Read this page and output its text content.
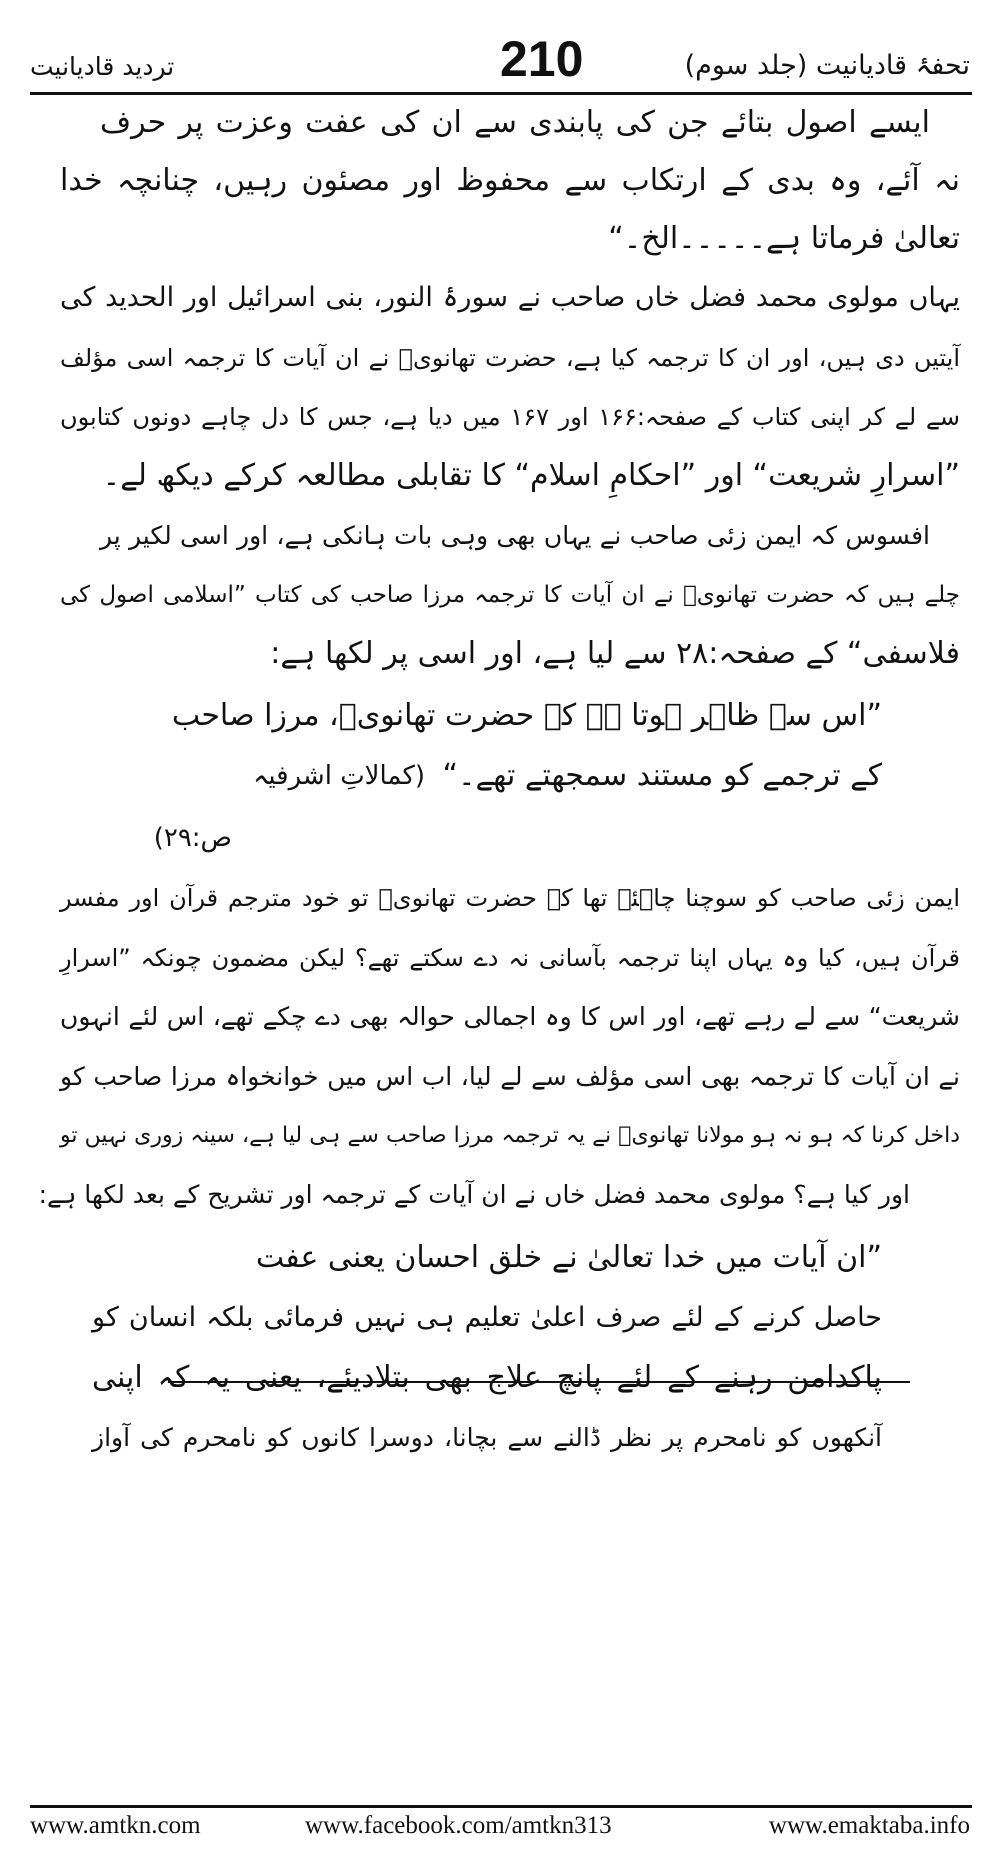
تحفۂ قادیانیت (جلد سوم)
210
تردید قادیانیت
ایسے اصول بتائے جن کی پابندی سے ان کی عفت وعزت پر حرف
نہ آئے، وہ بدی کے ارتکاب سے محفوظ اور مصئون رہیں، چنانچہ خدا
تعالیٰ فرماتا ہے۔۔۔۔۔الخ۔“
یہاں مولوی محمد فضل خاں صاحب نے سورۂ النور، بنی اسرائیل اور الحدید کی
آیتیں دی ہیں، اور ان کا ترجمہ کیا ہے، حضرت تھانویؒ نے ان آیات کا ترجمہ اسی مؤلف
سے لے کر اپنی کتاب کے صفحہ:۱۶۶ اور ۱۶۷ میں دیا ہے، جس کا دل چاہے دونوں کتابوں
”اسرارِ شریعت“ اور ”احکامِ اسلام“ کا تقابلی مطالعہ کرکے دیکھ لے۔
افسوس کہ ایمن زئی صاحب نے یہاں بھی وہی بات ہانکی ہے، اور اسی لکیر پر
چلے ہیں کہ حضرت تھانویؒ نے ان آیات کا ترجمہ مرزا صاحب کی کتاب ”اسلامی اصول کی
فلاسفی“ کے صفحہ:۲۸ سے لیا ہے، اور اسی پر لکھا ہے:
”اس سے ظاہر ہوتا ہے کہ حضرت تھانویؒ، مرزا صاحب
کے ترجمے کو مستند سمجھتے تھے۔“
(کمالاتِ اشرفیہ
ص:۲۹)
ایمن زئی صاحب کو سوچنا چاہئے تھا کہ حضرت تھانویؒ تو خود مترجم قرآن اور مفسر
قرآن ہیں، کیا وہ یہاں اپنا ترجمہ بآسانی نہ دے سکتے تھے؟ لیکن مضمون چونکہ ”اسرارِ
شریعت“ سے لے رہے تھے، اور اس کا وہ اجمالی حوالہ بھی دے چکے تھے، اس لئے انہوں
نے ان آیات کا ترجمہ بھی اسی مؤلف سے لے لیا، اب اس میں خوانخواہ مرزا صاحب کو
داخل کرنا کہ ہو نہ ہو مولانا تھانویؒ نے یہ ترجمہ مرزا صاحب سے ہی لیا ہے، سینہ زوری نہیں تو
اور کیا ہے؟ مولوی محمد فضل خاں نے ان آیات کے ترجمہ اور تشریح کے بعد لکھا ہے:
”ان آیات میں خدا تعالیٰ نے خلق احسان یعنی عفت
حاصل کرنے کے لئے صرف اعلیٰ تعلیم ہی نہیں فرمائی بلکہ انسان کو
پاکدامن رہنے کے لئے پانچ علاج بھی بتلادیئے، یعنی یہ کہ اپنی
آنکھوں کو نامحرم پر نظر ڈالنے سے بچانا، دوسرا کانوں کو نامحرم کی آواز
www.amtkn.com	www.facebook.com/amtkn313	www.emaktaba.info
